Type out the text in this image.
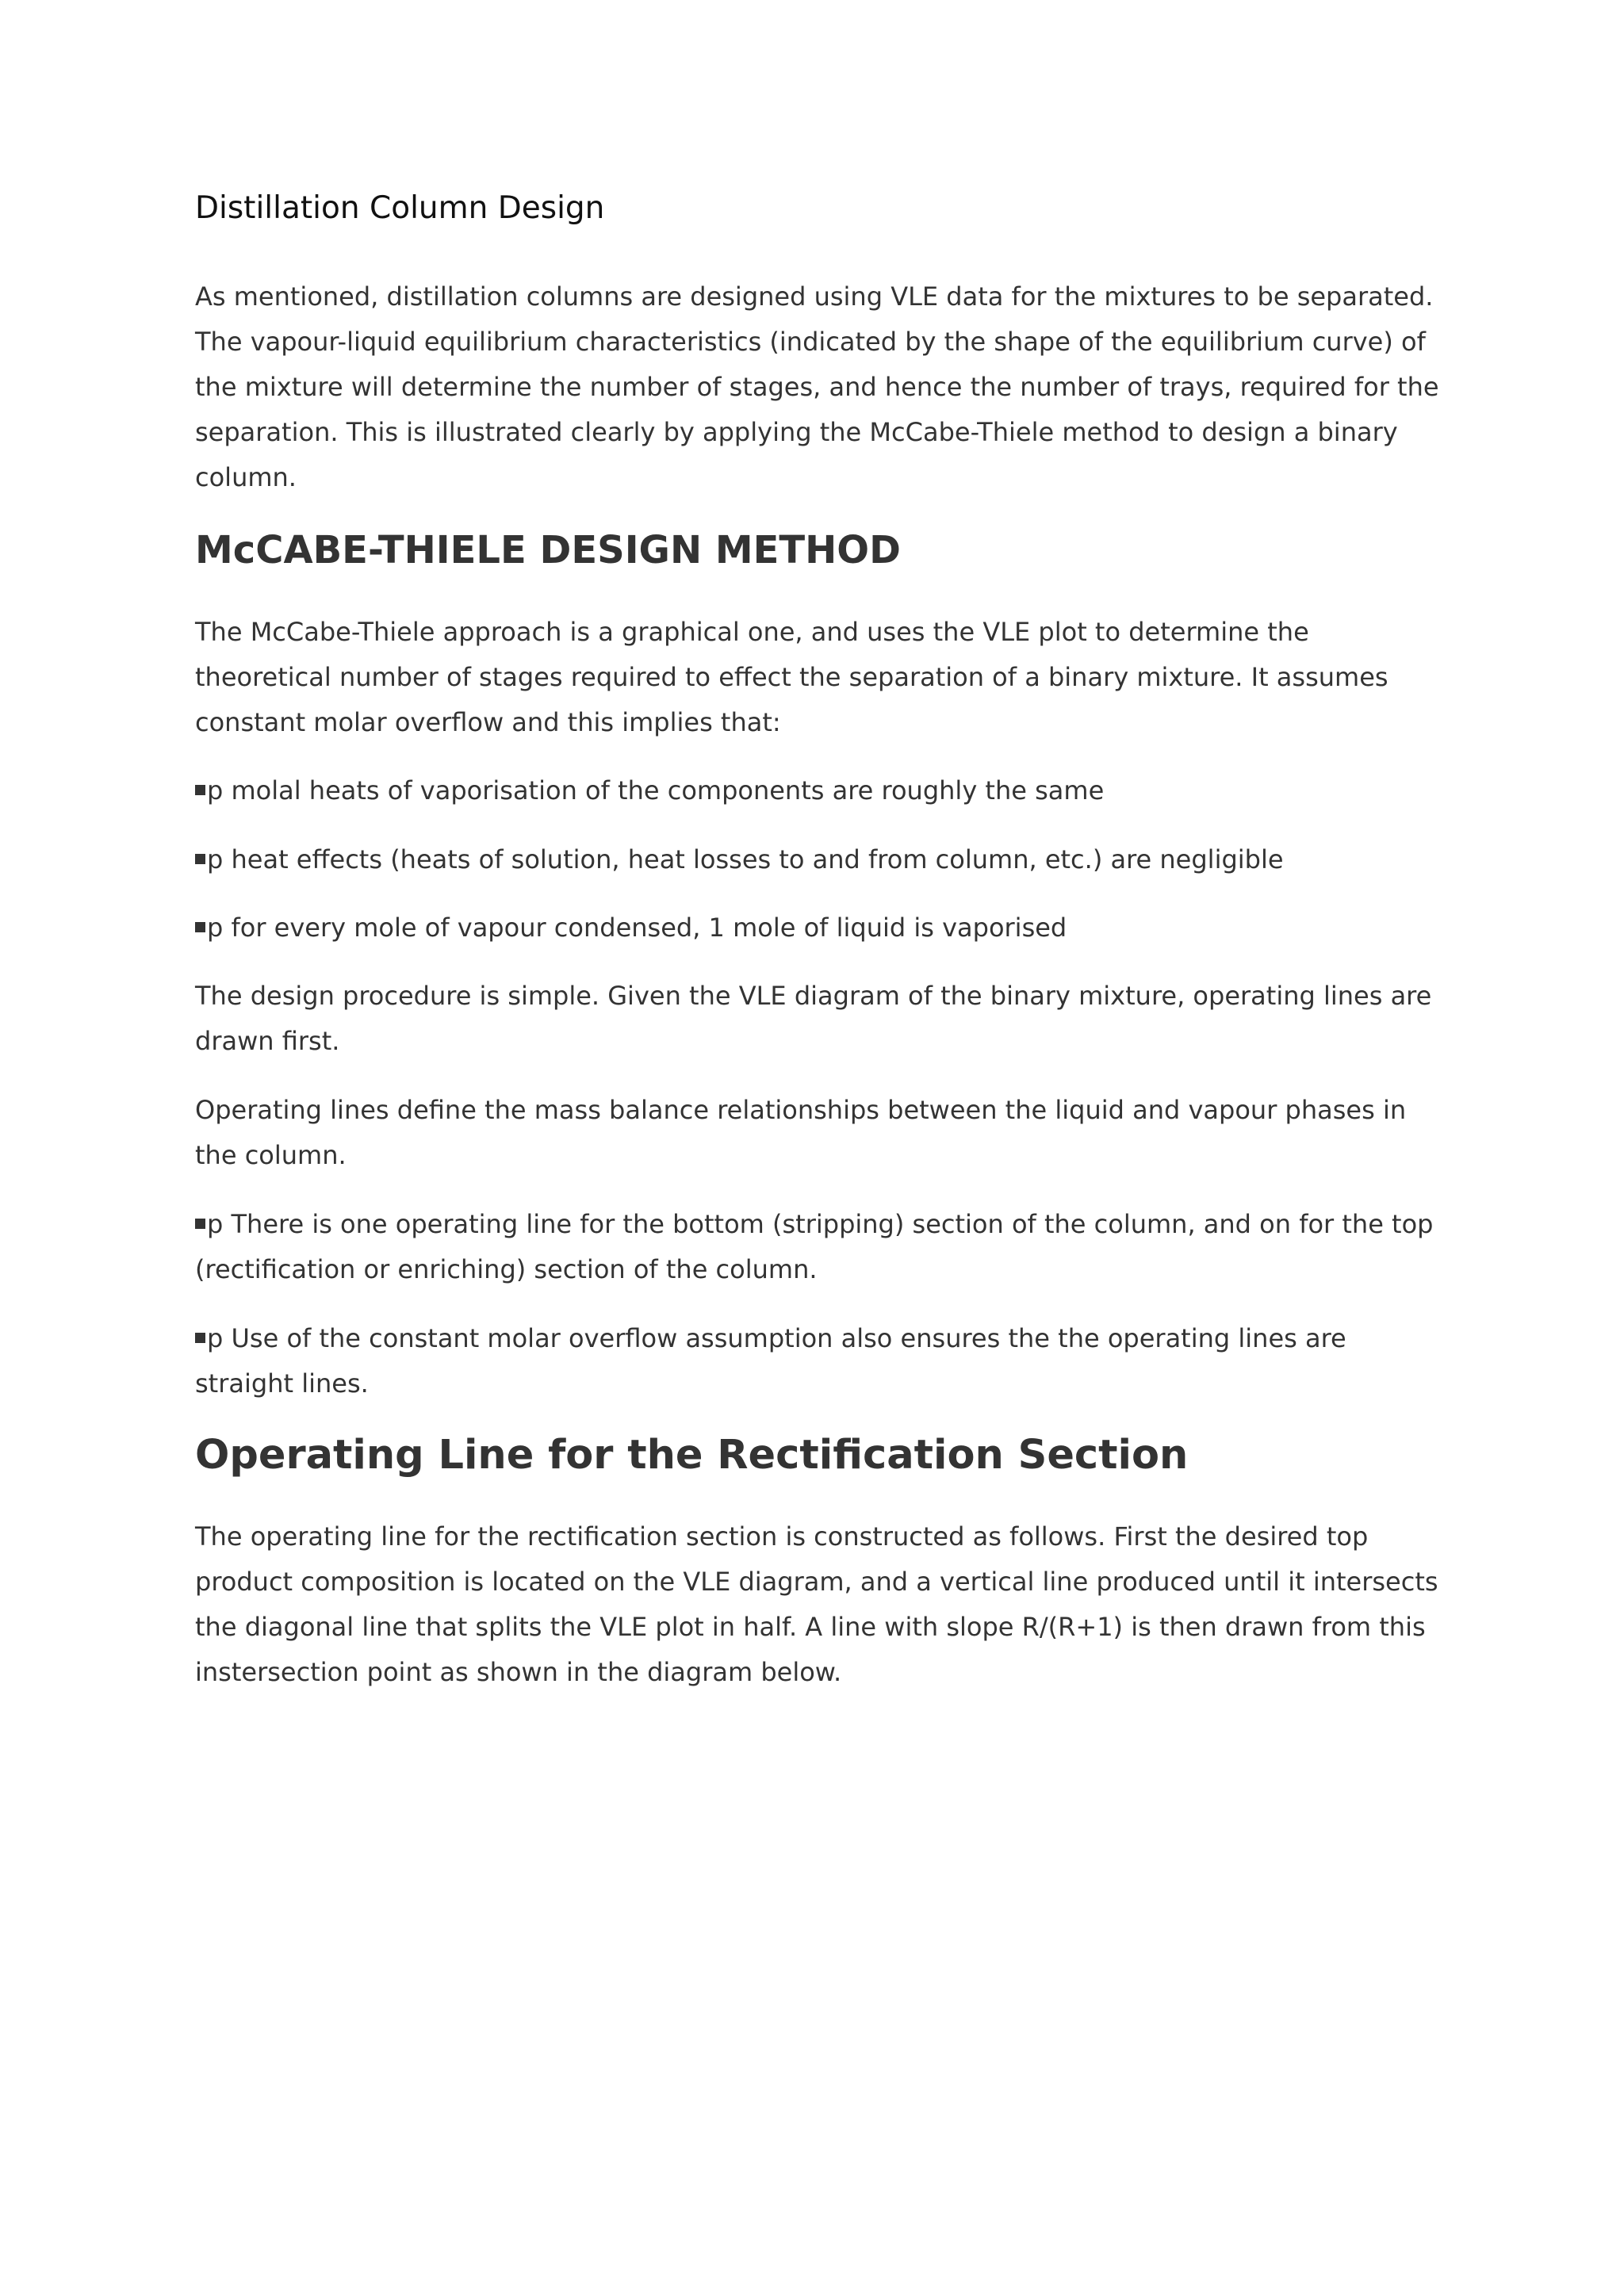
Distillation Column Design

As mentioned, distillation columns are designed using VLE data for the mixtures to be separated. The vapour-liquid equilibrium characteristics (indicated by the shape of the equilibrium curve) of the mixture will determine the number of stages, and hence the number of trays, required for the separation. This is illustrated clearly by applying the McCabe-Thiele method to design a binary column.

McCABE-THIELE DESIGN METHOD

The McCabe-Thiele approach is a graphical one, and uses the VLE plot to determine the theoretical number of stages required to effect the separation of a binary mixture. It assumes constant molar overflow and this implies that:

p molal heats of vaporisation of the components are roughly the same

p heat effects (heats of solution, heat losses to and from column, etc.) are negligible

p for every mole of vapour condensed, 1 mole of liquid is vaporised

The design procedure is simple. Given the VLE diagram of the binary mixture, operating lines are drawn first.

Operating lines define the mass balance relationships between the liquid and vapour phases in the column.

p There is one operating line for the bottom (stripping) section of the column, and on for the top (rectification or enriching) section of the column.

p Use of the constant molar overflow assumption also ensures the the operating lines are straight lines.

Operating Line for the Rectification Section

The operating line for the rectification section is constructed as follows. First the desired top product composition is located on the VLE diagram, and a vertical line produced until it intersects the diagonal line that splits the VLE plot in half. A line with slope R/(R+1) is then drawn from this instersection point as shown in the diagram below.
